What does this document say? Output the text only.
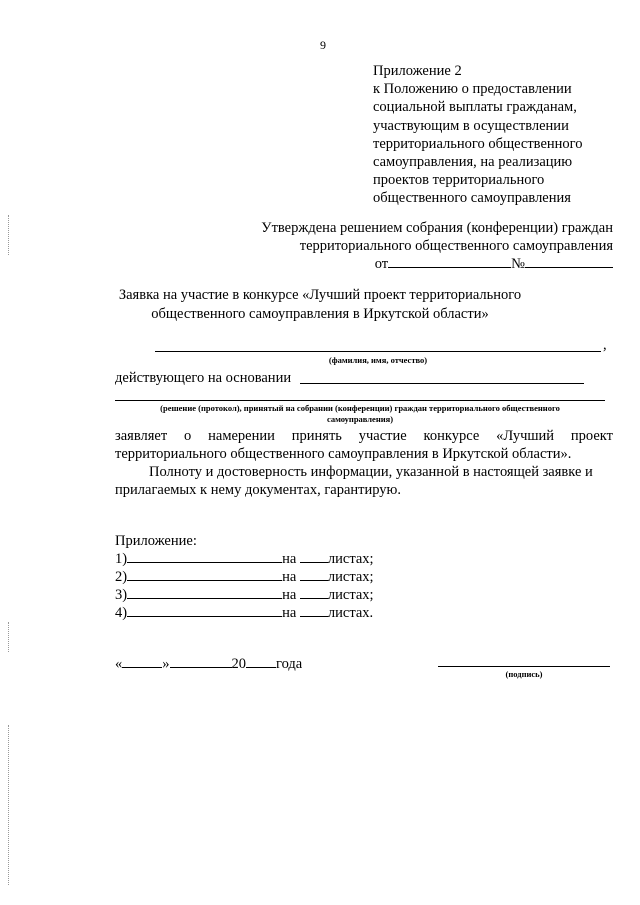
9
Приложение 2
к Положению о предоставлении
социальной выплаты гражданам,
участвующим в осуществлении
территориального общественного
самоуправления, на реализацию
проектов территориального
общественного самоуправления
Утверждена решением собрания (конференции) граждан
территориального общественного самоуправления
от	№
Заявка на участие в конкурсе «Лучший проект территориального
общественного самоуправления в Иркутской области»
,
(фамилия, имя, отчество)
действующего на основании
(решение (протокол), принятый на собрании (конференции) граждан территориального общественного
самоуправления)
заявляет о намерении принять участие конкурсе «Лучший проект
территориального общественного самоуправления в Иркутской области».
Полноту и достоверность информации, указанной в настоящей заявке и
прилагаемых к нему документах, гарантирую.
Приложение:
1)	на листах;
2)	на листах;
3)	на листах;
4)	на листах.
«	»	20 года
(подпись)
